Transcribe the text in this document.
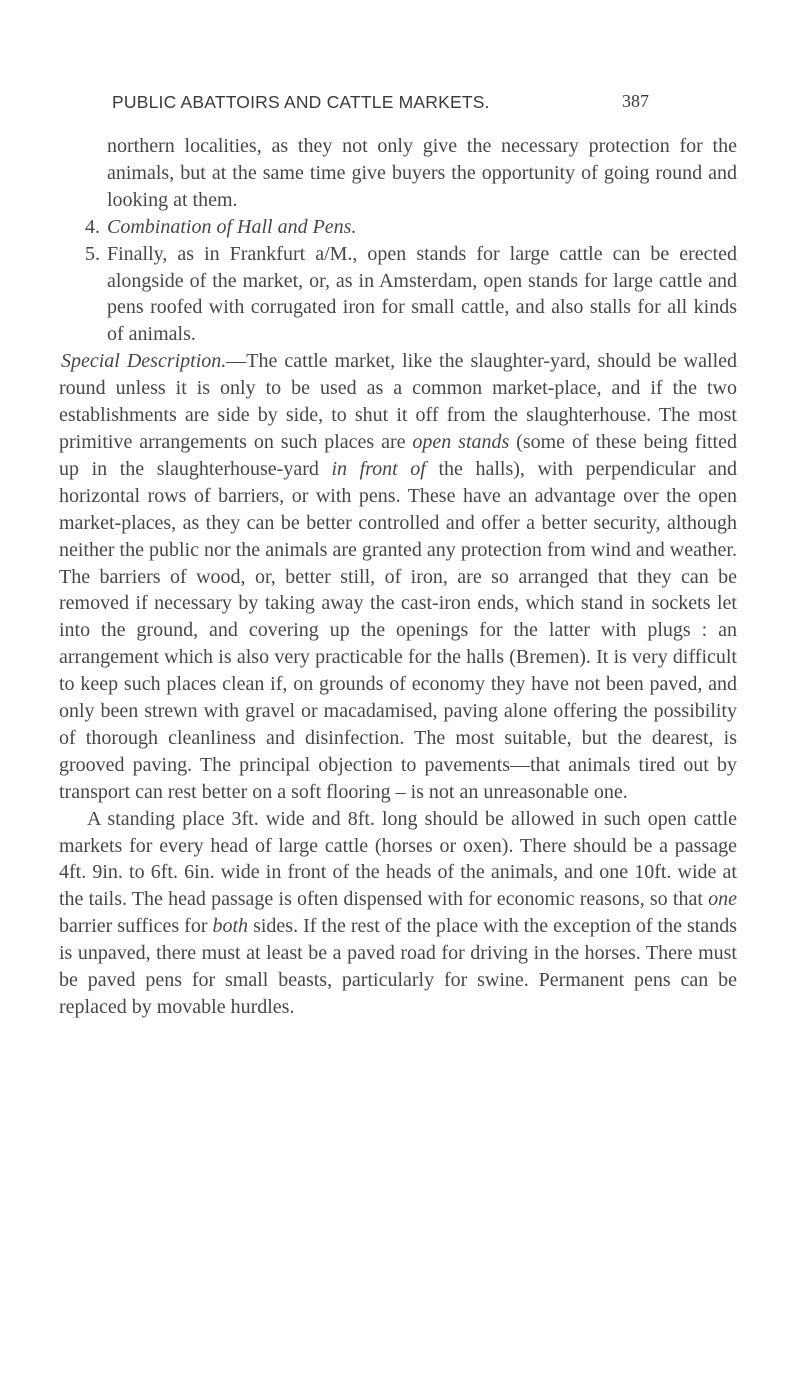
PUBLIC ABATTOIRS AND CATTLE MARKETS.	387

northern localities, as they not only give the necessary protection for the animals, but at the same time give buyers the opportunity of going round and looking at them.

4. Combination of Hall and Pens.

5. Finally, as in Frankfurt a/M., open stands for large cattle can be erected alongside of the market, or, as in Amsterdam, open stands for large cattle and pens roofed with corrugated iron for small cattle, and also stalls for all kinds of animals.

Special Description.—The cattle market, like the slaughter-yard, should be walled round unless it is only to be used as a common market-place, and if the two establishments are side by side, to shut it off from the slaughterhouse. The most primitive arrangements on such places are open stands (some of these being fitted up in the slaughterhouse-yard in front of the halls), with perpendicular and horizontal rows of barriers, or with pens. These have an advantage over the open market-places, as they can be better controlled and offer a better security, although neither the public nor the animals are granted any protection from wind and weather. The barriers of wood, or, better still, of iron, are so arranged that they can be removed if necessary by taking away the cast-iron ends, which stand in sockets let into the ground, and covering up the openings for the latter with plugs : an arrangement which is also very practicable for the halls (Bremen). It is very difficult to keep such places clean if, on grounds of economy they have not been paved, and only been strewn with gravel or macadamised, paving alone offering the possibility of thorough cleanliness and disinfection. The most suitable, but the dearest, is grooved paving. The principal objection to pavements—that animals tired out by transport can rest better on a soft flooring – is not an unreasonable one.

A standing place 3ft. wide and 8ft. long should be allowed in such open cattle markets for every head of large cattle (horses or oxen). There should be a passage 4ft. 9in. to 6ft. 6in. wide in front of the heads of the animals, and one 10ft. wide at the tails. The head passage is often dispensed with for economic reasons, so that one barrier suffices for both sides. If the rest of the place with the exception of the stands is unpaved, there must at least be a paved road for driving in the horses. There must be paved pens for small beasts, particularly for swine. Permanent pens can be replaced by movable hurdles.
